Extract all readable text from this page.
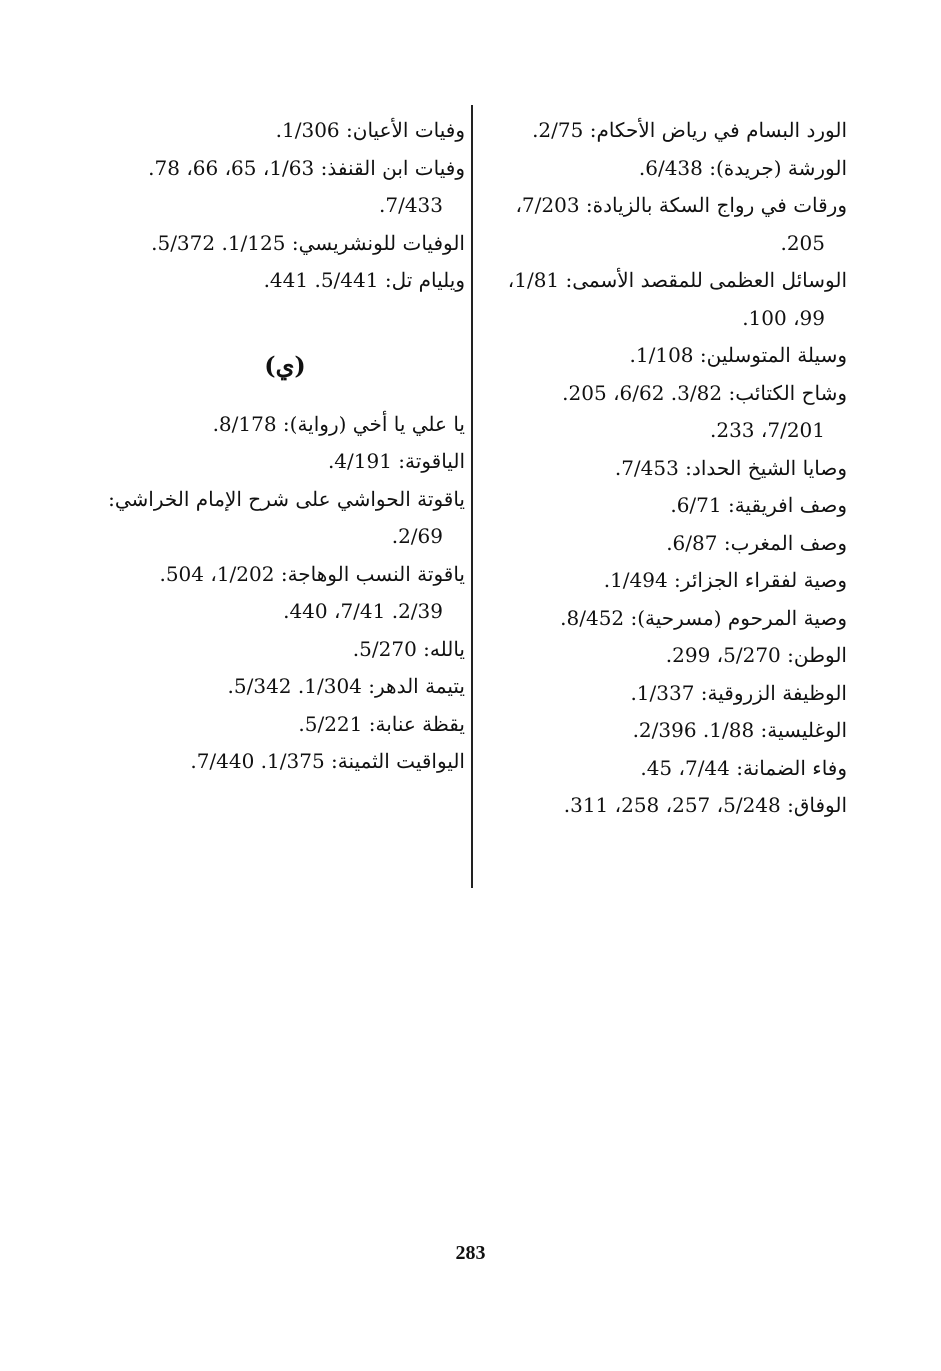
الورد البسام في رياض الأحكام: 2/75.

الورشة (جريدة): 6/438.

ورقات في رواج السكة بالزيادة: 7/203،
205.

الوسائل العظمى للمقصد الأسمى: 1/81،
99، 100.

وسيلة المتوسلين: 1/108.

وشاح الكتائب: 3/82. 6/62، 205.
7/201، 233.

وصايا الشيخ الحداد: 7/453.

وصف افريقية: 6/71.

وصف المغرب: 6/87.

وصية لفقراء الجزائر: 1/494.

وصية المرحوم (مسرحية): 8/452.

الوطن: 5/270، 299.

الوظيفة الزروقية: 1/337.

الوغليسية: 1/88. 2/396.

وفاء الضمانة: 7/44، 45.

الوفاق: 5/248، 257، 258، 311.

وفيات الأعيان: 1/306.

وفيات ابن القنفذ: 1/63، 65، 66، 78.
7/433.

الوفيات للونشريسي: 1/125. 5/372.

ويليام تل: 5/441. 441.

(ي)

يا علي يا أخي (رواية): 8/178.

الياقوتة: 4/191.

ياقوتة الحواشي على شرح الإمام الخراشي:
2/69.

ياقوتة النسب الوهاجة: 1/202، 504.
2/39. 7/41، 440.

يالله: 5/270.

يتيمة الدهر: 1/304. 5/342.

يقظة عنابة: 5/221.

اليواقيت الثمينة: 1/375. 7/440.

283
